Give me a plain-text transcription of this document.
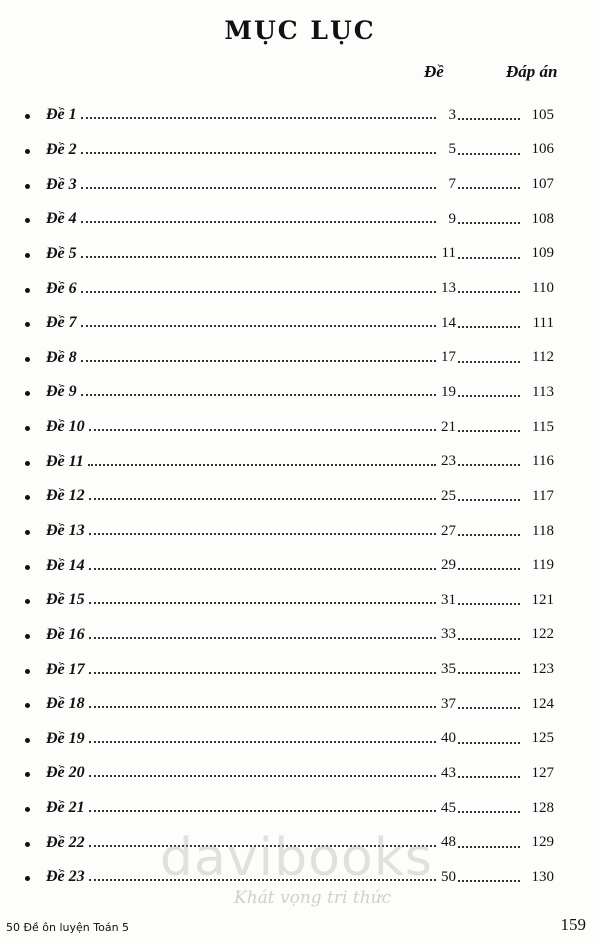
MỤC LỤC
Đề	Đáp án
Đề 1	3	105
Đề 2	5	106
Đề 3	7	107
Đề 4	9	108
Đề 5	11	109
Đề 6	13	110
Đề 7	14	111
Đề 8	17	112
Đề 9	19	113
Đề 10	21	115
Đề 11	23	116
Đề 12	25	117
Đề 13	27	118
Đề 14	29	119
Đề 15	31	121
Đề 16	33	122
Đề 17	35	123
Đề 18	37	124
Đề 19	40	125
Đề 20	43	127
Đề 21	45	128
Đề 22	48	129
Đề 23	50	130
davibooks
Khát vọng tri thức
50 Đề ôn luyện Toán 5	159
